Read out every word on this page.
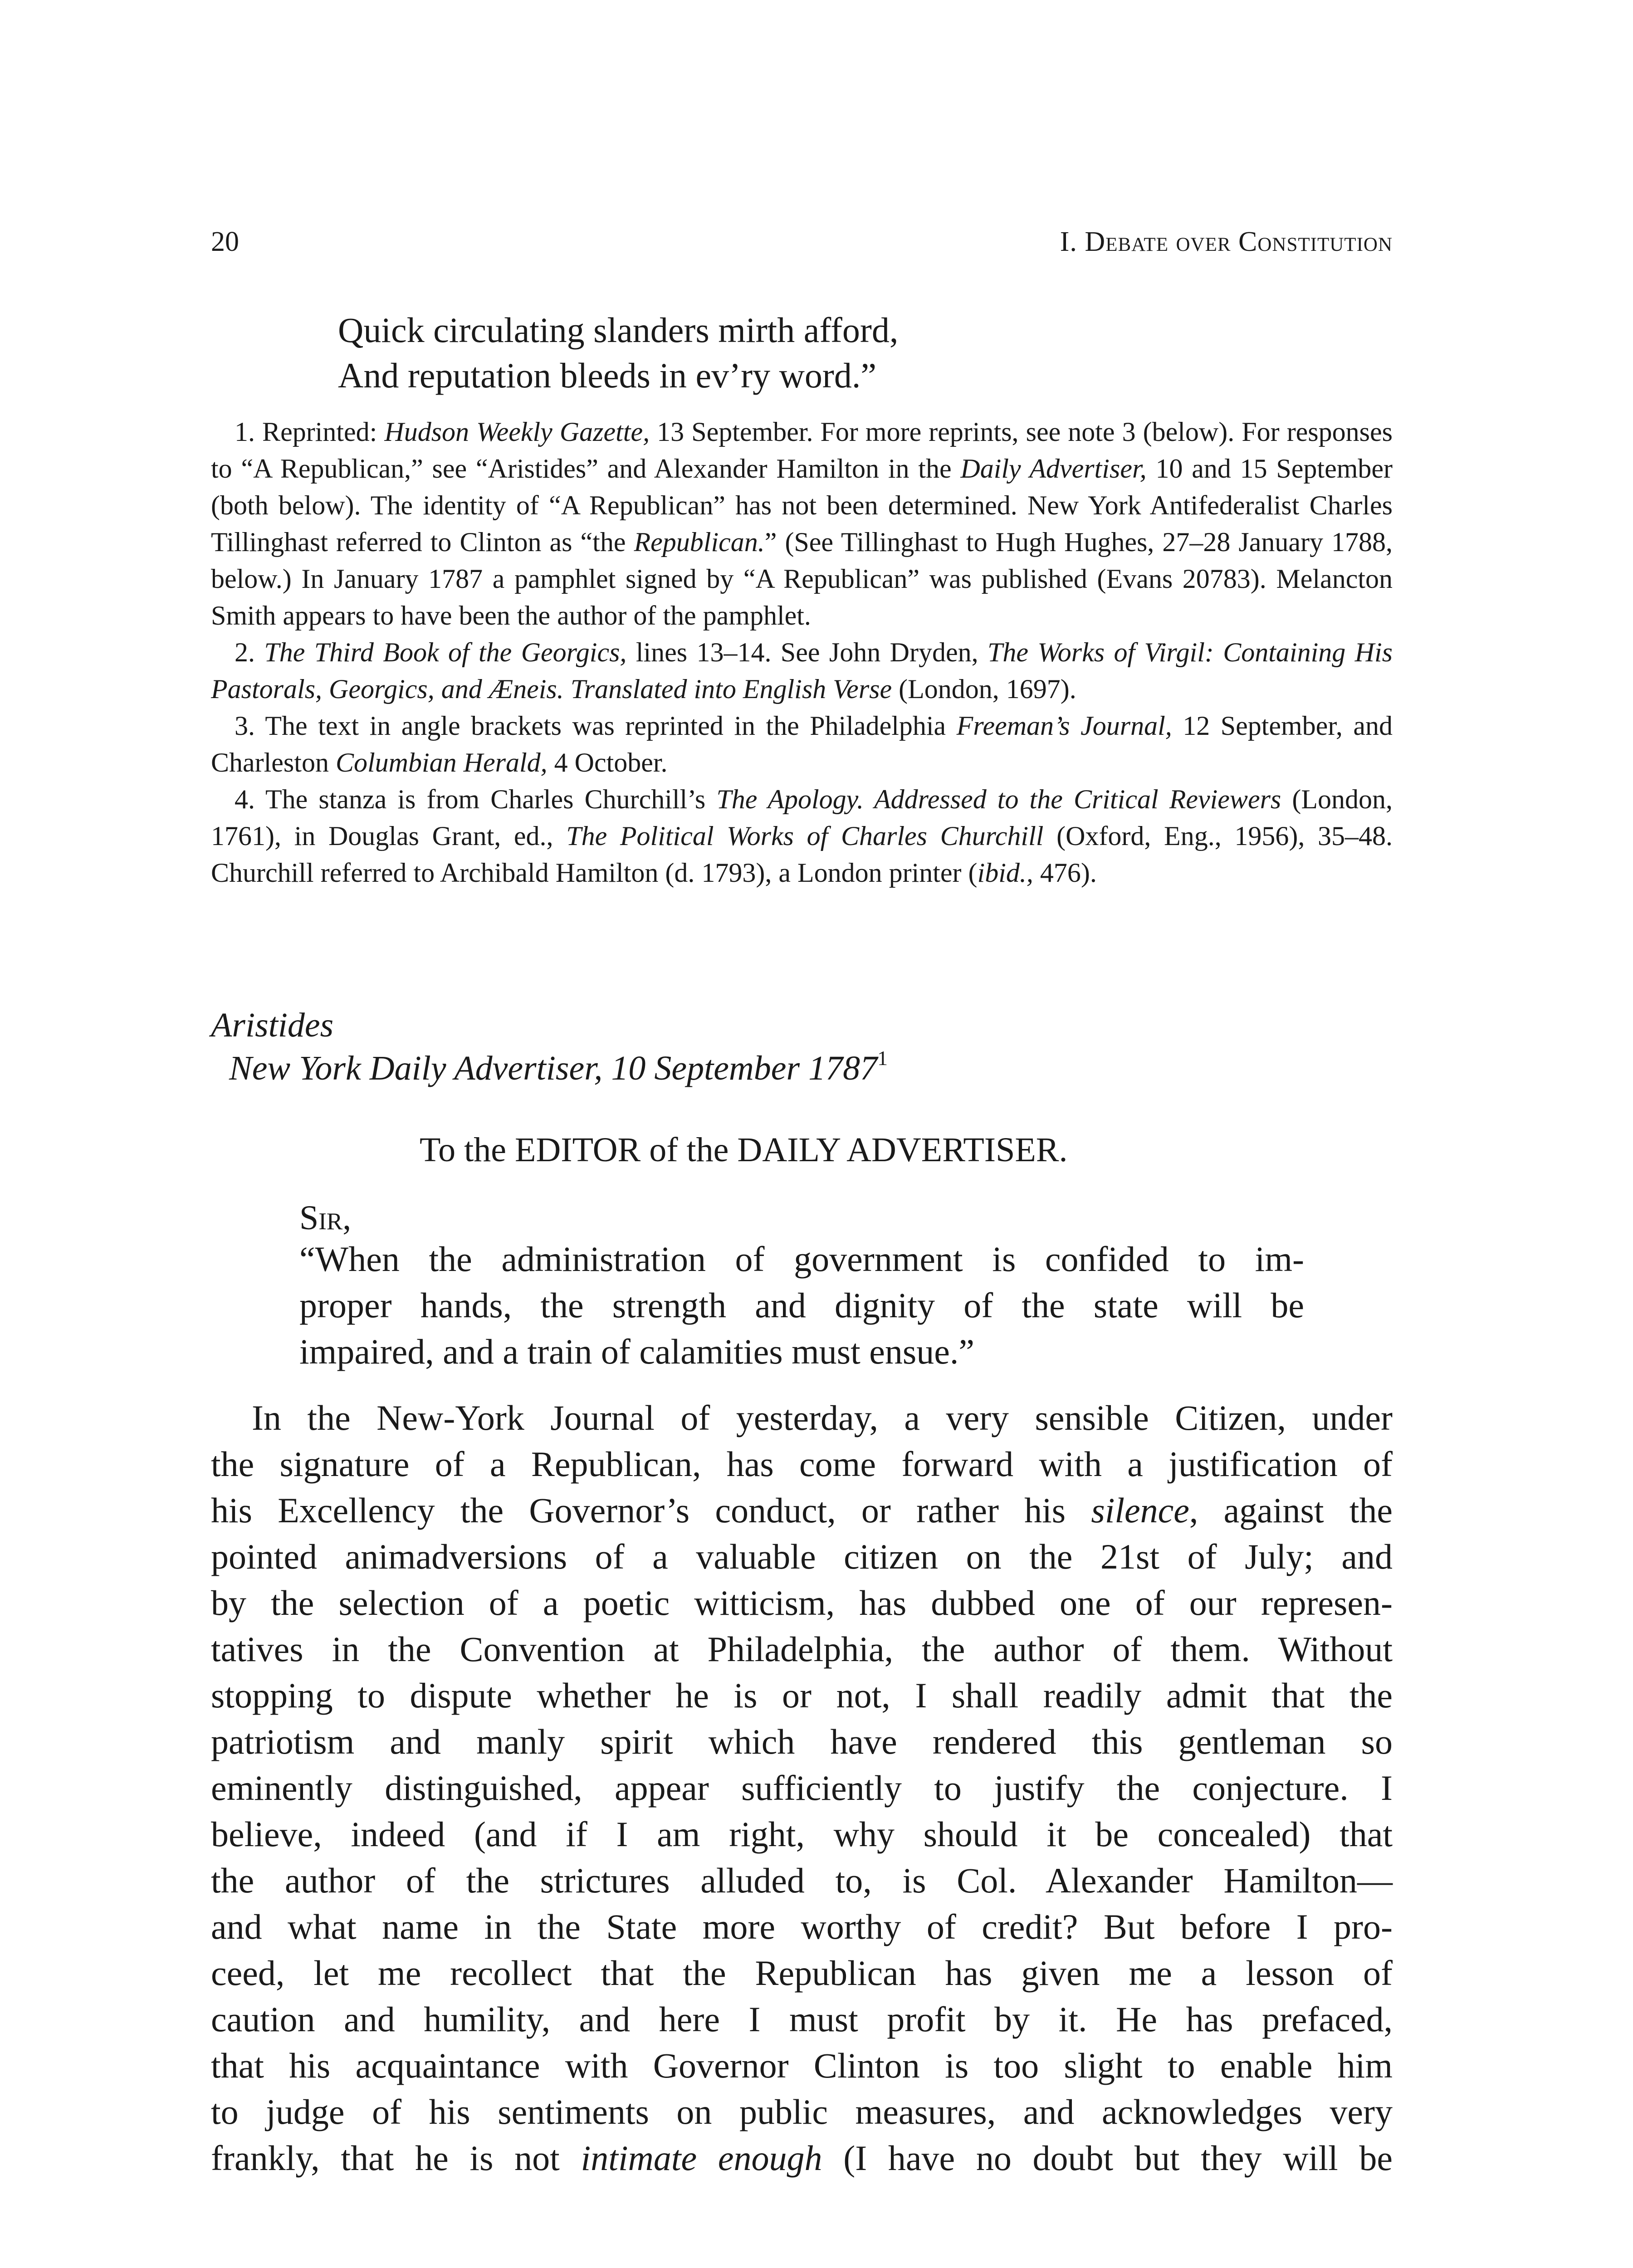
20	I. Debate over Constitution
Quick circulating slanders mirth afford,
And reputation bleeds in ev’ry word.”

1. Reprinted: Hudson Weekly Gazette, 13 September. For more reprints, see note 3 (below). For responses to “A Republican,” see “Aristides” and Alexander Hamilton in the Daily Advertiser, 10 and 15 September (both below). The identity of “A Republican” has not been determined. New York Antifederalist Charles Tillinghast referred to Clinton as “the Republican.” (See Tillinghast to Hugh Hughes, 27–28 January 1788, below.) In January 1787 a pamphlet signed by “A Republican” was published (Evans 20783). Melancton Smith appears to have been the author of the pamphlet.

2. The Third Book of the Georgics, lines 13–14. See John Dryden, The Works of Virgil: Containing His Pastorals, Georgics, and Æneis. Translated into English Verse (London, 1697).

3. The text in angle brackets was reprinted in the Philadelphia Freeman’s Journal, 12 September, and Charleston Columbian Herald, 4 October.

4. The stanza is from Charles Churchill’s The Apology. Addressed to the Critical Reviewers (London, 1761), in Douglas Grant, ed., The Political Works of Charles Churchill (Oxford, Eng., 1956), 35–48. Churchill referred to Archibald Hamilton (d. 1793), a London printer (ibid., 476).

Aristides
New York Daily Advertiser, 10 September 1787$^1$
To the EDITOR of the DAILY ADVERTISER.
Sir,
“When the administration of government is confided to im-
proper hands, the strength and dignity of the state will be
impaired, and a train of calamities must ensue.”
In the New-York Journal of yesterday, a very sensible Citizen, under
the signature of a Republican, has come forward with a justification of
his Excellency the Governor’s conduct, or rather his silence, against the
pointed animadversions of a valuable citizen on the 21st of July; and
by the selection of a poetic witticism, has dubbed one of our represen-
tatives in the Convention at Philadelphia, the author of them. Without
stopping to dispute whether he is or not, I shall readily admit that the
patriotism and manly spirit which have rendered this gentleman so
eminently distinguished, appear sufficiently to justify the conjecture. I
believe, indeed (and if I am right, why should it be concealed) that
the author of the strictures alluded to, is Col. Alexander Hamilton—
and what name in the State more worthy of credit? But before I pro-
ceed, let me recollect that the Republican has given me a lesson of
caution and humility, and here I must profit by it. He has prefaced,
that his acquaintance with Governor Clinton is too slight to enable him
to judge of his sentiments on public measures, and acknowledges very
frankly, that he is not intimate enough (I have no doubt but they will be
